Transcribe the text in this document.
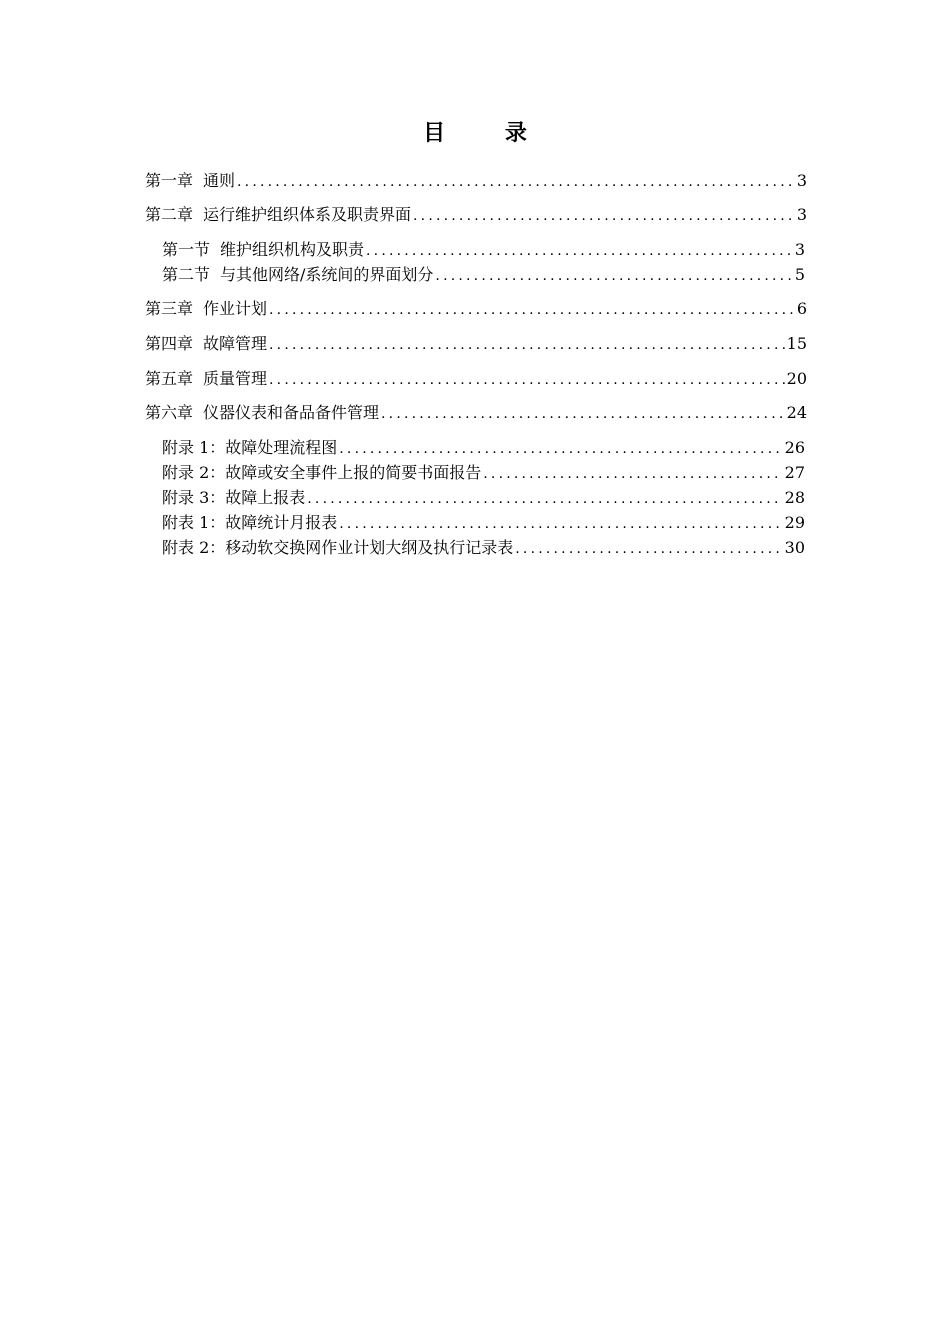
目 录
第一章 通则 .....	3
第二章 运行维护组织体系及职责界面 .....	3
第一节 维护组织机构及职责 .....	3
第二节 与其他网络/系统间的界面划分 .....	5
第三章 作业计划 .....	6
第四章 故障管理 .....	15
第五章 质量管理 .....	20
第六章 仪器仪表和备品备件管理 .....	24
附录 1：故障处理流程图 .....	26
附录 2：故障或安全事件上报的简要书面报告 .....	27
附录 3：故障上报表 .....	28
附表 1：故障统计月报表 .....	29
附表 2：移动软交换网作业计划大纲及执行记录表 .....	30
